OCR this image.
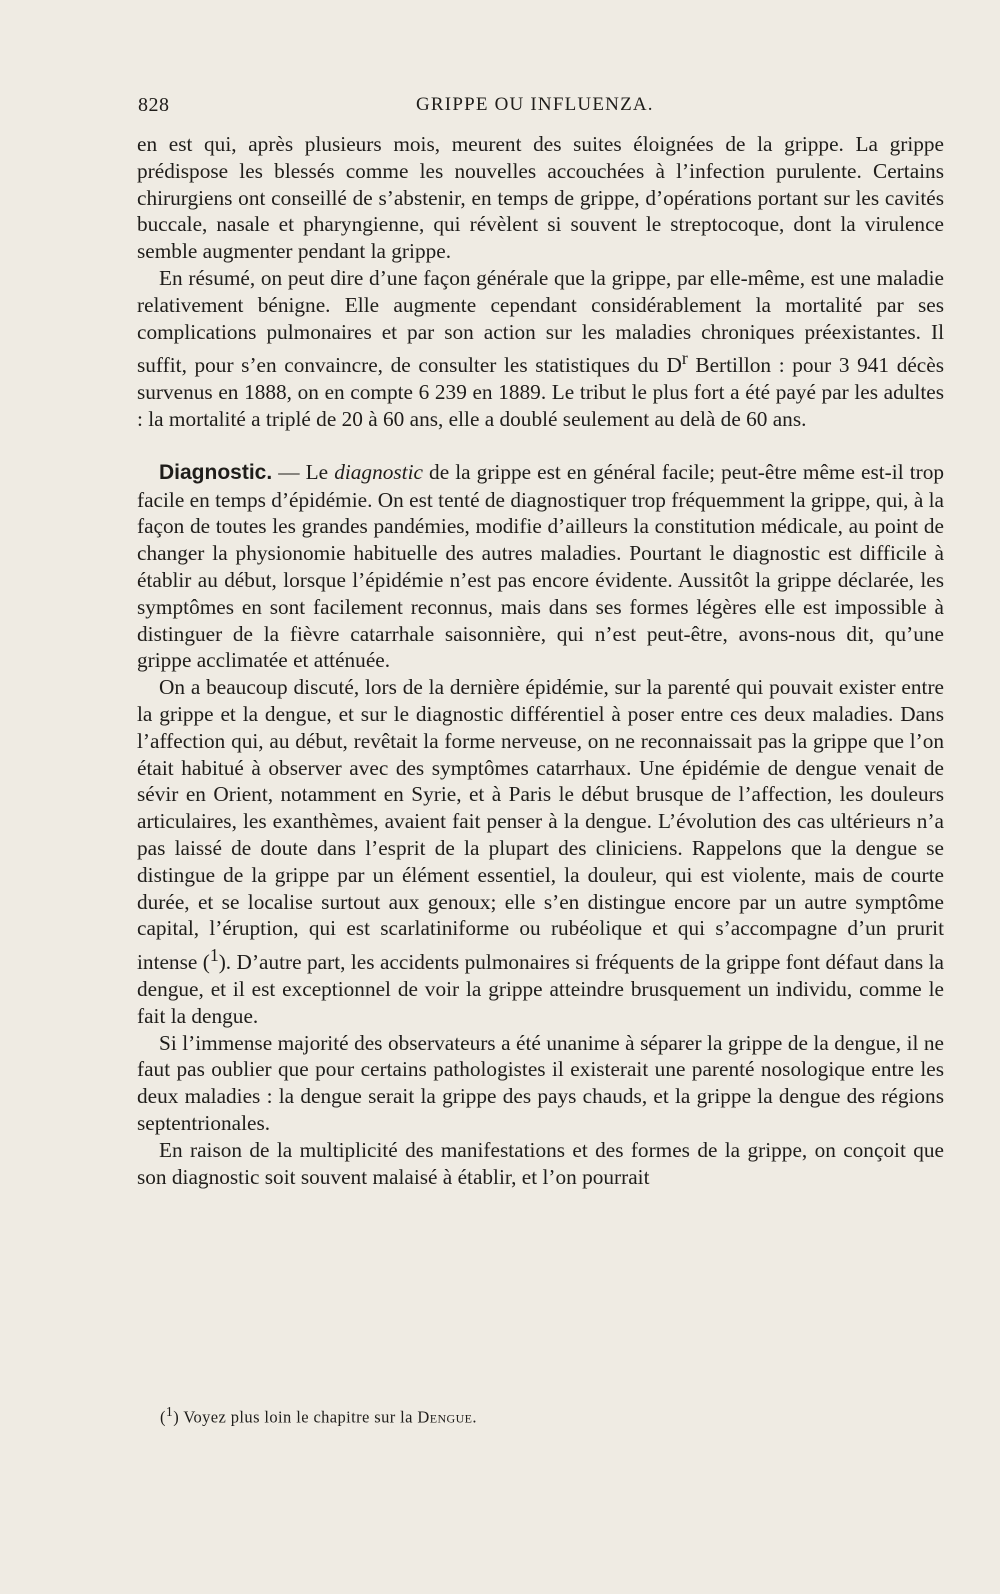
828	GRIPPE OU INFLUENZA.

en est qui, après plusieurs mois, meurent des suites éloignées de la grippe. La grippe prédispose les blessés comme les nouvelles accouchées à l’infection purulente. Certains chirurgiens ont conseillé de s’abstenir, en temps de grippe, d’opérations portant sur les cavités buccale, nasale et pharyngienne, qui révèlent si souvent le streptocoque, dont la virulence semble augmenter pendant la grippe.

En résumé, on peut dire d’une façon générale que la grippe, par elle-même, est une maladie relativement bénigne. Elle augmente cependant considérablement la mortalité par ses complications pulmonaires et par son action sur les maladies chroniques préexistantes. Il suffit, pour s’en convaincre, de consulter les statistiques du $D^r$ Bertillon : pour 3 941 décès survenus en 1888, on en compte 6 239 en 1889. Le tribut le plus fort a été payé par les adultes : la mortalité a triplé de 20 à 60 ans, elle a doublé seulement au delà de 60 ans.

Diagnostic. — Le diagnostic de la grippe est en général facile; peut-être même est-il trop facile en temps d’épidémie. On est tenté de diagnostiquer trop fréquemment la grippe, qui, à la façon de toutes les grandes pandémies, modifie d’ailleurs la constitution médicale, au point de changer la physionomie habituelle des autres maladies. Pourtant le diagnostic est difficile à établir au début, lorsque l’épidémie n’est pas encore évidente. Aussitôt la grippe déclarée, les symptômes en sont facilement reconnus, mais dans ses formes légères elle est impossible à distinguer de la fièvre catarrhale saisonnière, qui n’est peut-être, avons-nous dit, qu’une grippe acclimatée et atténuée.

On a beaucoup discuté, lors de la dernière épidémie, sur la parenté qui pouvait exister entre la grippe et la dengue, et sur le diagnostic différentiel à poser entre ces deux maladies. Dans l’affection qui, au début, revêtait la forme nerveuse, on ne reconnaissait pas la grippe que l’on était habitué à observer avec des symptômes catarrhaux. Une épidémie de dengue venait de sévir en Orient, notamment en Syrie, et à Paris le début brusque de l’affection, les douleurs articulaires, les exanthèmes, avaient fait penser à la dengue. L’évolution des cas ultérieurs n’a pas laissé de doute dans l’esprit de la plupart des cliniciens. Rappelons que la dengue se distingue de la grippe par un élément essentiel, la douleur, qui est violente, mais de courte durée, et se localise surtout aux genoux; elle s’en distingue encore par un autre symptôme capital, l’éruption, qui est scarlatiniforme ou rubéolique et qui s’accompagne d’un prurit intense ($^1$). D’autre part, les accidents pulmonaires si fréquents de la grippe font défaut dans la dengue, et il est exceptionnel de voir la grippe atteindre brusquement un individu, comme le fait la dengue.

Si l’immense majorité des observateurs a été unanime à séparer la grippe de la dengue, il ne faut pas oublier que pour certains pathologistes il existerait une parenté nosologique entre les deux maladies : la dengue serait la grippe des pays chauds, et la grippe la dengue des régions septentrionales.

En raison de la multiplicité des manifestations et des formes de la grippe, on conçoit que son diagnostic soit souvent malaisé à établir, et l’on pourrait

($^1$) Voyez plus loin le chapitre sur la Dengue.
